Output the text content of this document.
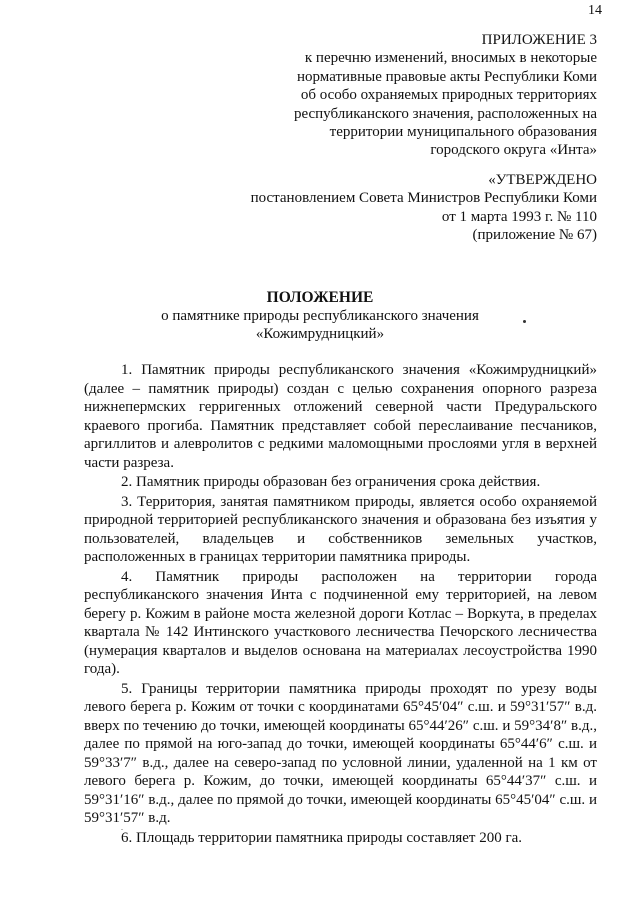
14
ПРИЛОЖЕНИЕ 3
к перечню изменений, вносимых в некоторые
нормативные правовые акты Республики Коми
об особо охраняемых природных территориях
республиканского значения, расположенных на
территории муниципального образования
городского округа «Инта»
«УТВЕРЖДЕНО
постановлением Совета Министров Республики Коми
от 1 марта 1993 г. № 110
(приложение № 67)
ПОЛОЖЕНИЕ
о памятнике природы республиканского значения
«Кожимрудницкий»

1. Памятник природы республиканского значения «Кожимрудницкий» (далее – памятник природы) создан с целью сохранения опорного разреза нижнепермских герригенных отложений северной части Предуральского краевого прогиба. Памятник представляет собой переслаивание песчаников, аргиллитов и алевролитов с редкими маломощными прослоями угля в верхней части разреза.

2. Памятник природы образован без ограничения срока действия.

3. Территория, занятая памятником природы, является особо охраняемой природной территорией республиканского значения и образована без изъятия у пользователей, владельцев и собственников земельных участков, расположенных в границах территории памятника природы.

4. Памятник природы расположен на территории города республиканского значения Инта с подчиненной ему территорией, на левом берегу р. Кожим в районе моста железной дороги Котлас – Воркута, в пределах квартала № 142 Интинского участкового лесничества Печорского лесничества (нумерация кварталов и выделов основана на материалах лесоустройства 1990 года).

5. Границы территории памятника природы проходят по урезу воды левого берега р. Кожим от точки с координатами 65°45′04″ с.ш. и 59°31′57″ в.д. вверх по течению до точки, имеющей координаты 65°44′26″ с.ш. и 59°34′8″ в.д., далее по прямой на юго-запад до точки, имеющей координаты 65°44′6″ с.ш. и 59°33′7″ в.д., далее на северо-запад по условной линии, удаленной на 1 км от левого берега р. Кожим, до точки, имеющей координаты 65°44′37″ с.ш. и 59°31′16″ в.д., далее по прямой до точки, имеющей координаты 65°45′04″ с.ш. и 59°31′57″ в.д.

6. Площадь территории памятника природы составляет 200 га.
